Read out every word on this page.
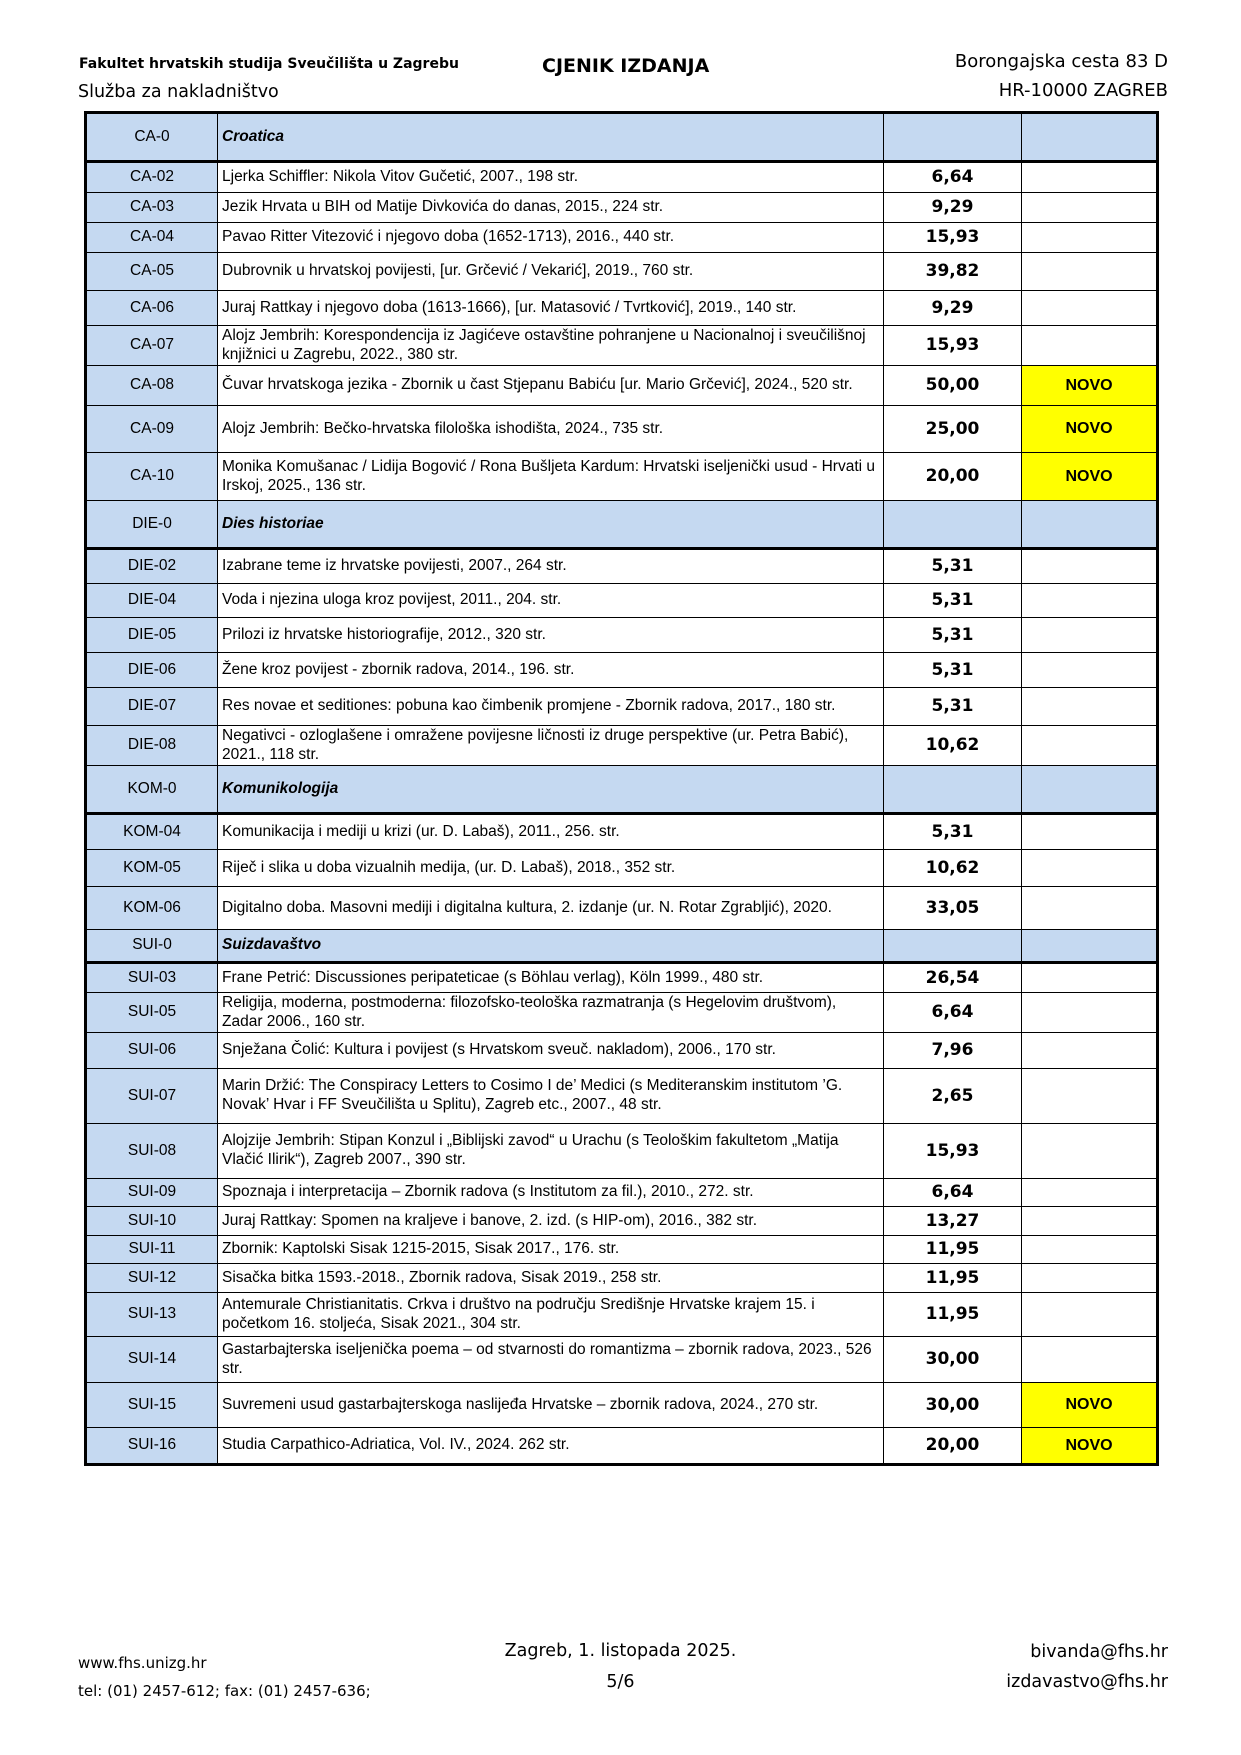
Fakultet hrvatskih studija Sveučilišta u Zagrebu
Služba za nakladništvo
CJENIK IZDANJA	Borongajska cesta 83 D
HR-10000 ZAGREB
CA-0	Croatica		
CA-02	Ljerka Schiffler: Nikola Vitov Gučetić, 2007., 198 str.	6,64	
CA-03	Jezik Hrvata u BIH od Matije Divkovića do danas, 2015., 224 str.	9,29	
CA-04	Pavao Ritter Vitezović i njegovo doba (1652-1713), 2016., 440 str.	15,93	
CA-05	Dubrovnik u hrvatskoj povijesti, [ur. Grčević / Vekarić], 2019., 760 str.	39,82	
CA-06	Juraj Rattkay i njegovo doba (1613-1666), [ur. Matasović / Tvrtković], 2019., 140 str.	9,29	
CA-07	Alojz Jembrih: Korespondencija iz Jagićeve ostavštine pohranjene u Nacionalnoj i sveučilišnoj knjižnici u Zagrebu, 2022., 380 str.	15,93	
CA-08	Čuvar hrvatskoga jezika - Zbornik u čast Stjepanu Babiću [ur. Mario Grčević], 2024., 520 str.	50,00	NOVO
CA-09	Alojz Jembrih: Bečko-hrvatska filološka ishodišta, 2024., 735 str.	25,00	NOVO
CA-10	Monika Komušanac / Lidija Bogović / Rona Bušljeta Kardum: Hrvatski iseljenički usud - Hrvati u Irskoj, 2025., 136 str.	20,00	NOVO
DIE-0	Dies historiae		
DIE-02	Izabrane teme iz hrvatske povijesti, 2007., 264 str.	5,31	
DIE-04	Voda i njezina uloga kroz povijest, 2011., 204. str.	5,31	
DIE-05	Prilozi iz hrvatske historiografije, 2012., 320 str.	5,31	
DIE-06	Žene kroz povijest - zbornik radova, 2014., 196. str.	5,31	
DIE-07	Res novae et seditiones: pobuna kao čimbenik promjene - Zbornik radova, 2017., 180 str.	5,31	
DIE-08	Negativci - ozloglašene i omražene povijesne ličnosti iz druge perspektive (ur. Petra Babić), 2021., 118 str.	10,62	
KOM-0	Komunikologija		
KOM-04	Komunikacija i mediji u krizi (ur. D. Labaš), 2011., 256. str.	5,31	
KOM-05	Riječ i slika u doba vizualnih medija, (ur. D. Labaš), 2018., 352 str.	10,62	
KOM-06	Digitalno doba. Masovni mediji i digitalna kultura, 2. izdanje (ur. N. Rotar Zgrabljić), 2020.	33,05	
SUI-0	Suizdavaštvo		
SUI-03	Frane Petrić: Discussiones peripateticae (s Böhlau verlag), Köln 1999., 480 str.	26,54	
SUI-05	Religija, moderna, postmoderna: filozofsko-teološka razmatranja (s Hegelovim društvom), Zadar 2006., 160 str.	6,64	
SUI-06	Snježana Čolić: Kultura i povijest (s Hrvatskom sveuč. nakladom), 2006., 170 str.	7,96	
SUI-07	Marin Držić: The Conspiracy Letters to Cosimo I de’ Medici (s Mediteranskim institutom ’G. Novak’ Hvar i FF Sveučilišta u Splitu), Zagreb etc., 2007., 48 str.	2,65	
SUI-08	Alojzije Jembrih: Stipan Konzul i „Biblijski zavod“ u Urachu (s Teološkim fakultetom „Matija Vlačić Ilirik“), Zagreb 2007., 390 str.	15,93	
SUI-09	Spoznaja i interpretacija – Zbornik radova (s Institutom za fil.), 2010., 272. str.	6,64	
SUI-10	Juraj Rattkay: Spomen na kraljeve i banove, 2. izd. (s HIP-om), 2016., 382 str.	13,27	
SUI-11	Zbornik: Kaptolski Sisak 1215-2015, Sisak 2017., 176. str.	11,95	
SUI-12	Sisačka bitka 1593.-2018., Zbornik radova, Sisak 2019., 258 str.	11,95	
SUI-13	Antemurale Christianitatis. Crkva i društvo na području Središnje Hrvatske krajem 15. i početkom 16. stoljeća, Sisak 2021., 304 str.	11,95	
SUI-14	Gastarbajterska iseljenička poema – od stvarnosti do romantizma – zbornik radova, 2023., 526 str.	30,00	
SUI-15	Suvremeni usud gastarbajterskoga naslijeđa Hrvatske – zbornik radova, 2024., 270 str.	30,00	NOVO
SUI-16	Studia Carpathico-Adriatica, Vol. IV., 2024. 262 str.	20,00	NOVO
www.fhs.unizg.hr
tel: (01) 2457-612; fax: (01) 2457-636;
Zagreb, 1. listopada 2025.
5/6
bivanda@fhs.hr
izdavastvo@fhs.hr
